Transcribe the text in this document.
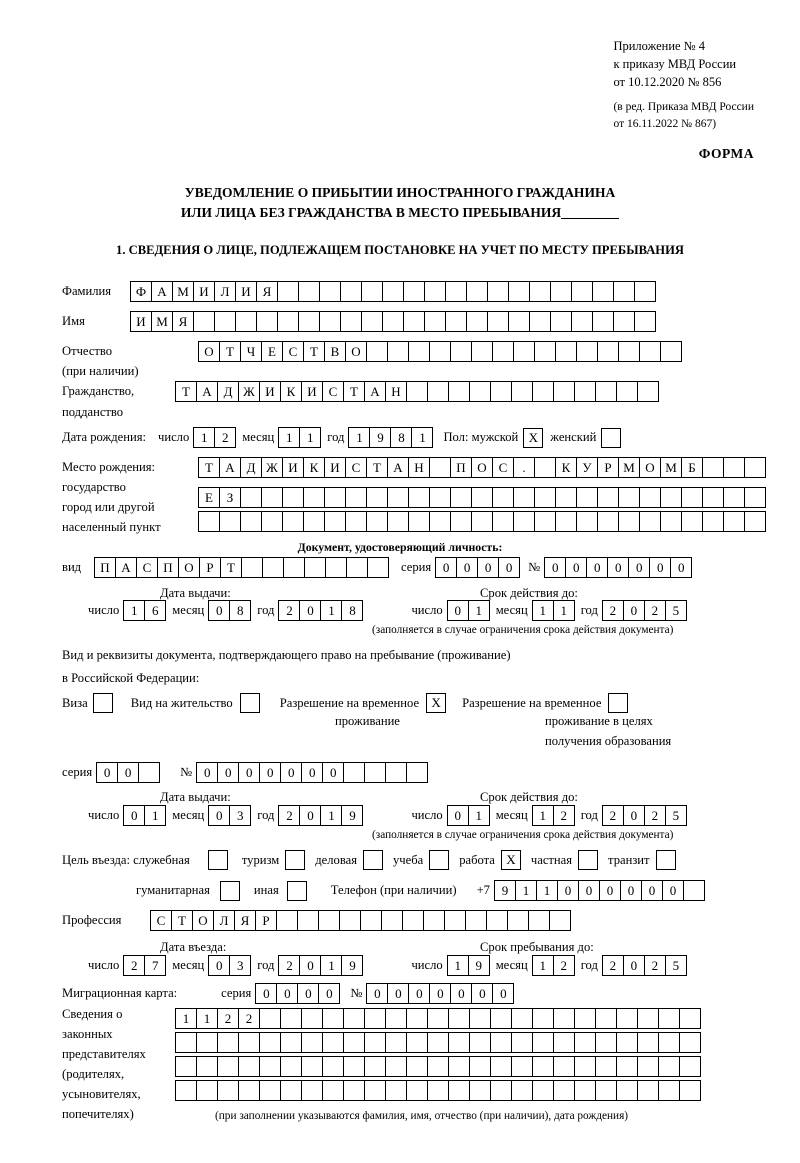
Приложение № 4
к приказу МВД России
от 10.12.2020 № 856
(в ред. Приказа МВД России
от 16.11.2022 № 867)
ФОРМА
УВЕДОМЛЕНИЕ О ПРИБЫТИИ ИНОСТРАННОГО ГРАЖДАНИНА
ИЛИ ЛИЦА БЕЗ ГРАЖДАНСТВА В МЕСТО ПРЕБЫВАНИЯ
1. СВЕДЕНИЯ О ЛИЦЕ, ПОДЛЕЖАЩЕМ ПОСТАНОВКЕ НА УЧЕТ ПО МЕСТУ ПРЕБЫВАНИЯ
Фамилия	Ф А М И Л И Я
Имя	И М Я
Отчество	О Т Ч Е С Т В О
(при наличии)
Гражданство,	Т А Д Ж И К И С Т А Н
подданство
Дата рождения: число 1	2	месяц 1	1	год 1	9	8	1	Пол: мужской X женский
Место рождения:	Т А Д Ж И К И С Т А Н	П О С	.	К У Р М О М Б
государство
Е	З
город или другой
населенный пункт
Документ, удостоверяющий личность:
вид	П А С П О Р	Т	серия 0	0	0	0	№ 0	0	0	0	0	0	0
Дата выдачи:	Срок действия до:
число 1	6	месяц 0	8	год 2	0	1	8	число 0	1	месяц 1	1	год 2	0	2	5
(заполняется в случае ограничения срока действия документа)
Вид и реквизиты документа, подтверждающего право на пребывание (проживание)
в Российской Федерации:
Виза	Вид на жительство	Разрешение на временное X	Разрешение на временное
проживание	проживание в целях
получения образования
серия 0	0	№ 0	0	0	0	0	0	0
Дата выдачи:	Срок действия до:
число 0	1	месяц 0	3	год 2	0	1	9	число 0	1	месяц 1	2	год 2	0	2	5
(заполняется в случае ограничения срока действия документа)
Цель въезда: служебная	туризм	деловая	учеба	работа X	частная	транзит
гуманитарная	иная	Телефон (при наличии) +7 9	1	1	0	0	0	0	0	0
Профессия	С Т О Л Я	Р
Дата въезда:	Срок пребывания до:
число 2	7	месяц 0	3	год 2	0	1	9	число 1	9	месяц 1	2	год 2	0	2	5
Миграционная карта:	серия 0	0	0	0	№ 0	0	0	0	0	0	0
Сведения о
законных
представителях
(родителях,
усыновителях,
попечителях)
1	1	2	2
(при заполнении указываются фамилия, имя, отчество (при наличии), дата рождения)
